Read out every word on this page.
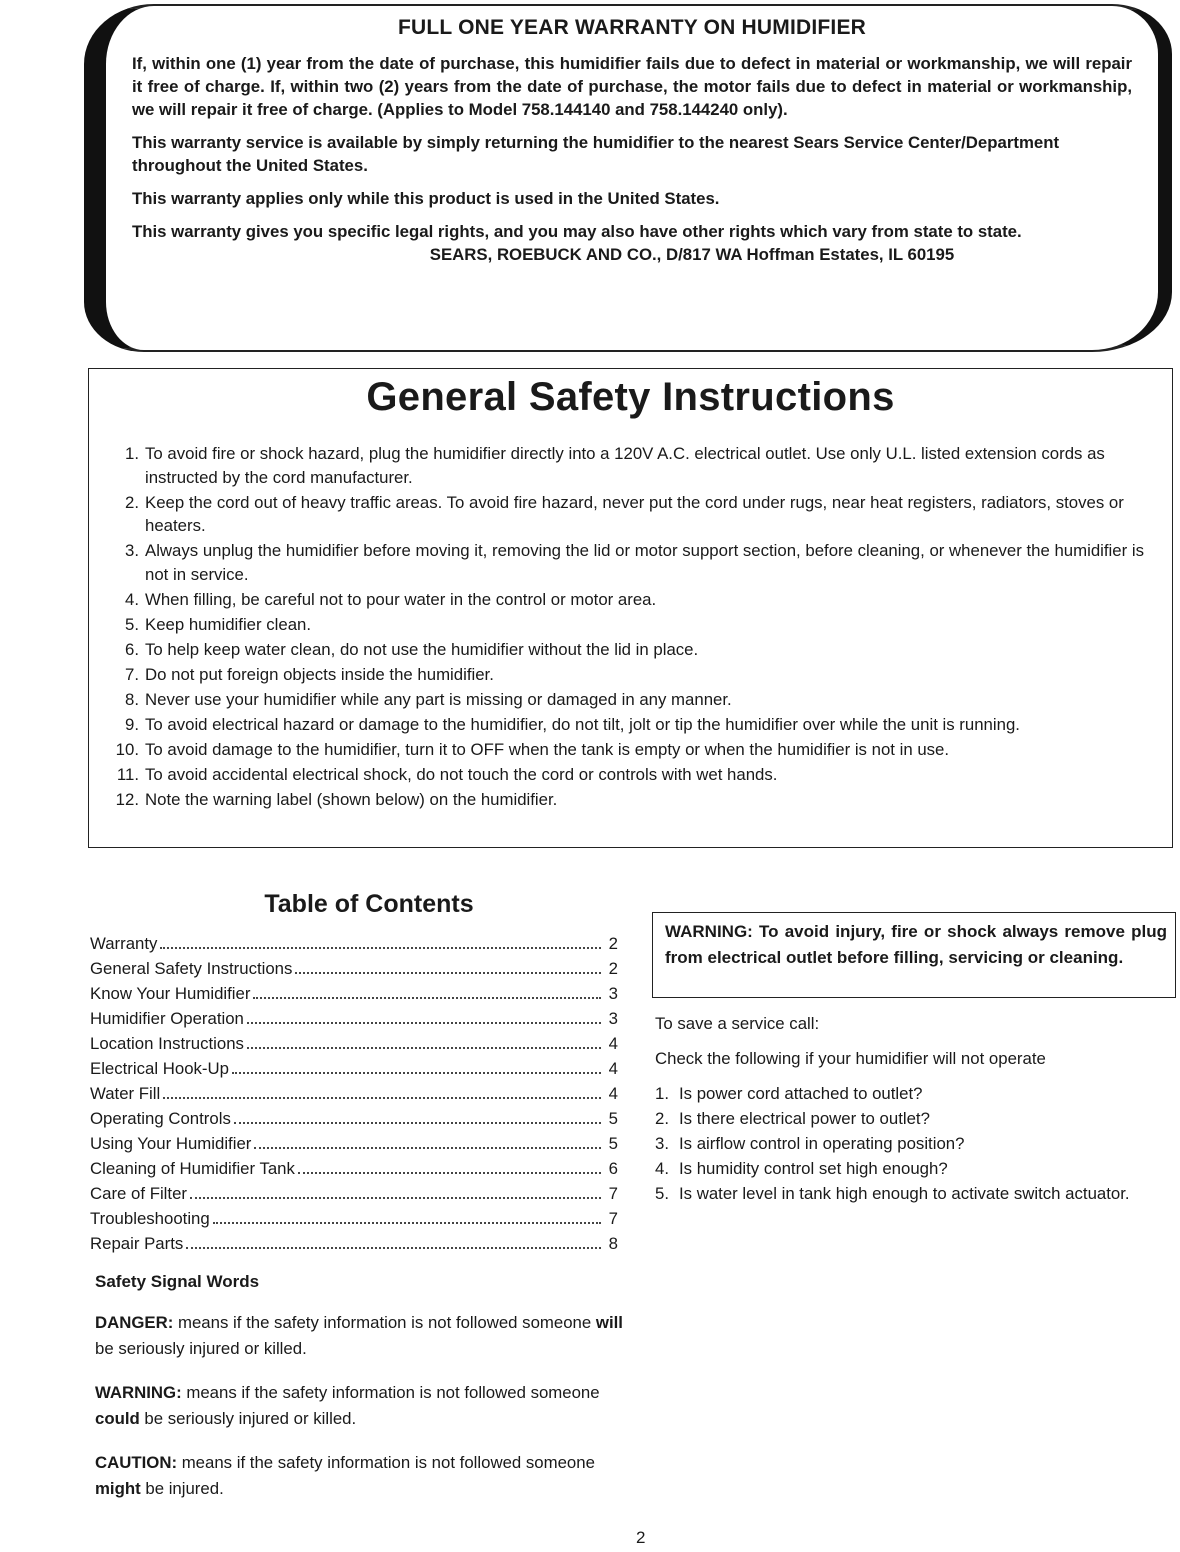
FULL ONE YEAR WARRANTY ON HUMIDIFIER

If, within one (1) year from the date of purchase, this humidifier fails due to defect in material or workmanship, we will repair it free of charge. If, within two (2) years from the date of purchase, the motor fails due to defect in material or workmanship, we will repair it free of charge. (Applies to Model 758.144140 and 758.144240 only).

This warranty service is available by simply returning the humidifier to the nearest Sears Service Center/Department throughout the United States.

This warranty applies only while this product is used in the United States.

This warranty gives you specific legal rights, and you may also have other rights which vary from state to state.

SEARS, ROEBUCK AND CO., D/817 WA Hoffman Estates, IL 60195
General Safety Instructions
1. To avoid fire or shock hazard, plug the humidifier directly into a 120V A.C. electrical outlet. Use only U.L. listed extension cords as instructed by the cord manufacturer.
2. Keep the cord out of heavy traffic areas. To avoid fire hazard, never put the cord under rugs, near heat registers, radiators, stoves or heaters.
3. Always unplug the humidifier before moving it, removing the lid or motor support section, before cleaning, or whenever the humidifier is not in service.
4. When filling, be careful not to pour water in the control or motor area.
5. Keep humidifier clean.
6. To help keep water clean, do not use the humidifier without the lid in place.
7. Do not put foreign objects inside the humidifier.
8. Never use your humidifier while any part is missing or damaged in any manner.
9. To avoid electrical hazard or damage to the humidifier, do not tilt, jolt or tip the humidifier over while the unit is running.
10. To avoid damage to the humidifier, turn it to OFF when the tank is empty or when the humidifier is not in use.
11. To avoid accidental electrical shock, do not touch the cord or controls with wet hands.
12. Note the warning label (shown below) on the humidifier.
Table of Contents
Warranty	2
General Safety Instructions	2
Know Your Humidifier	3
Humidifier Operation	3
Location Instructions	4
Electrical Hook-Up	4
Water Fill	4
Operating Controls	5
Using Your Humidifier	5
Cleaning of Humidifier Tank	6
Care of Filter	7
Troubleshooting	7
Repair Parts	8
Safety Signal Words

DANGER: means if the safety information is not followed someone will be seriously injured or killed.

WARNING: means if the safety information is not followed someone could be seriously injured or killed.

CAUTION: means if the safety information is not followed someone might be injured.

WARNING: To avoid injury, fire or shock always remove plug from electrical outlet before filling, servicing or cleaning.

To save a service call:

Check the following if your humidifier will not operate

1. Is power cord attached to outlet?
2. Is there electrical power to outlet?
3. Is airflow control in operating position?
4. Is humidity control set high enough?
5. Is water level in tank high enough to activate switch actuator.
2
